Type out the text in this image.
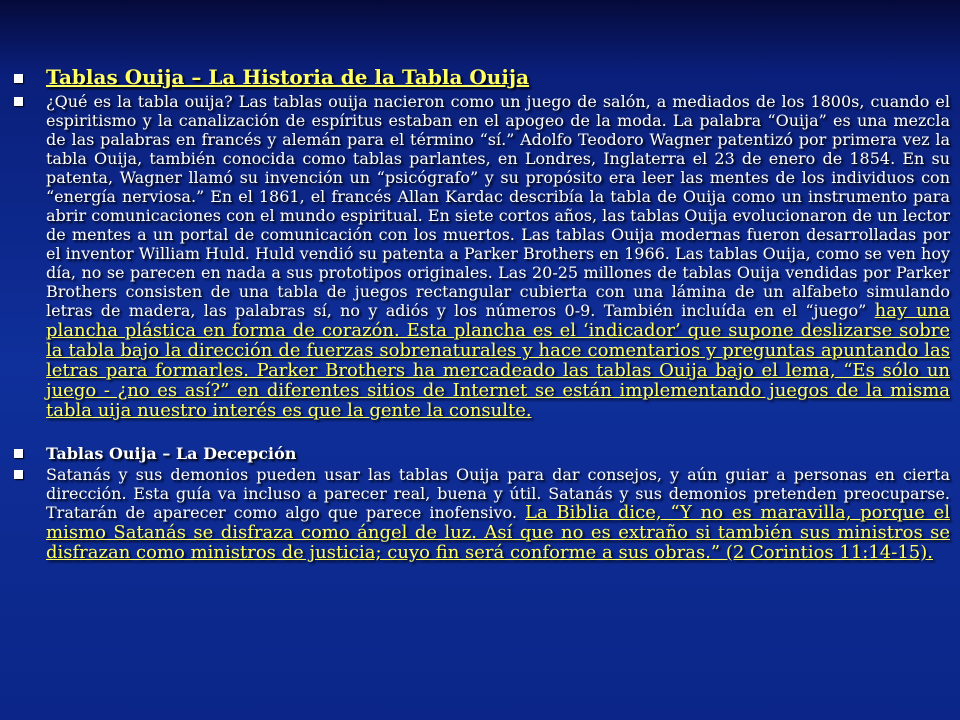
Tablas Ouija – La Historia de la Tabla Ouija
¿Qué es la tabla ouija? Las tablas ouija nacieron como un juego de salón, a mediados de los 1800s, cuando el espiritismo y la canalización de espíritus estaban en el apogeo de la moda. La palabra “Ouija” es una mezcla de las palabras en francés y alemán para el término “sí.” Adolfo Teodoro Wagner patentizó por primera vez la tabla Ouija, también conocida como tablas parlantes, en Londres, Inglaterra el 23 de enero de 1854. En su patenta, Wagner llamó su invención un “psicógrafo” y su propósito era leer las mentes de los individuos con “energía nerviosa.” En el 1861, el francés Allan Kardac describía la tabla de Ouija como un instrumento para abrir comunicaciones con el mundo espiritual. En siete cortos años, las tablas Ouija evolucionaron de un lector de mentes a un portal de comunicación con los muertos. Las tablas Ouija modernas fueron desarrolladas por el inventor William Huld. Huld vendió su patenta a Parker Brothers en 1966. Las tablas Ouija, como se ven hoy día, no se parecen en nada a sus prototipos originales. Las 20-25 millones de tablas Ouija vendidas por Parker Brothers consisten de una tabla de juegos rectangular cubierta con una lámina de un alfabeto simulando letras de madera, las palabras sí, no y adiós y los números 0-9. También incluída en el “juego” hay una plancha plástica en forma de corazón. Esta plancha es el ‘indicador’ que supone deslizarse sobre la tabla bajo la dirección de fuerzas sobrenaturales y hace comentarios y preguntas apuntando las letras para formarles. Parker Brothers ha mercadeado las tablas Ouija bajo el lema, “Es sólo un juego - ¿no es así?” en diferentes sitios de Internet se están implementando juegos de la misma tabla uija nuestro interés es que la gente la consulte.
Tablas Ouija – La Decepción
Satanás y sus demonios pueden usar las tablas Ouija para dar consejos, y aún guiar a personas en cierta dirección. Esta guía va incluso a parecer real, buena y útil. Satanás y sus demonios pretenden preocuparse. Tratarán de aparecer como algo que parece inofensivo. La Biblia dice, “Y no es maravilla, porque el mismo Satanás se disfraza como ángel de luz. Así que no es extraño si también sus ministros se disfrazan como ministros de justicia; cuyo fin será conforme a sus obras.” (2 Corintios 11:14-15).
